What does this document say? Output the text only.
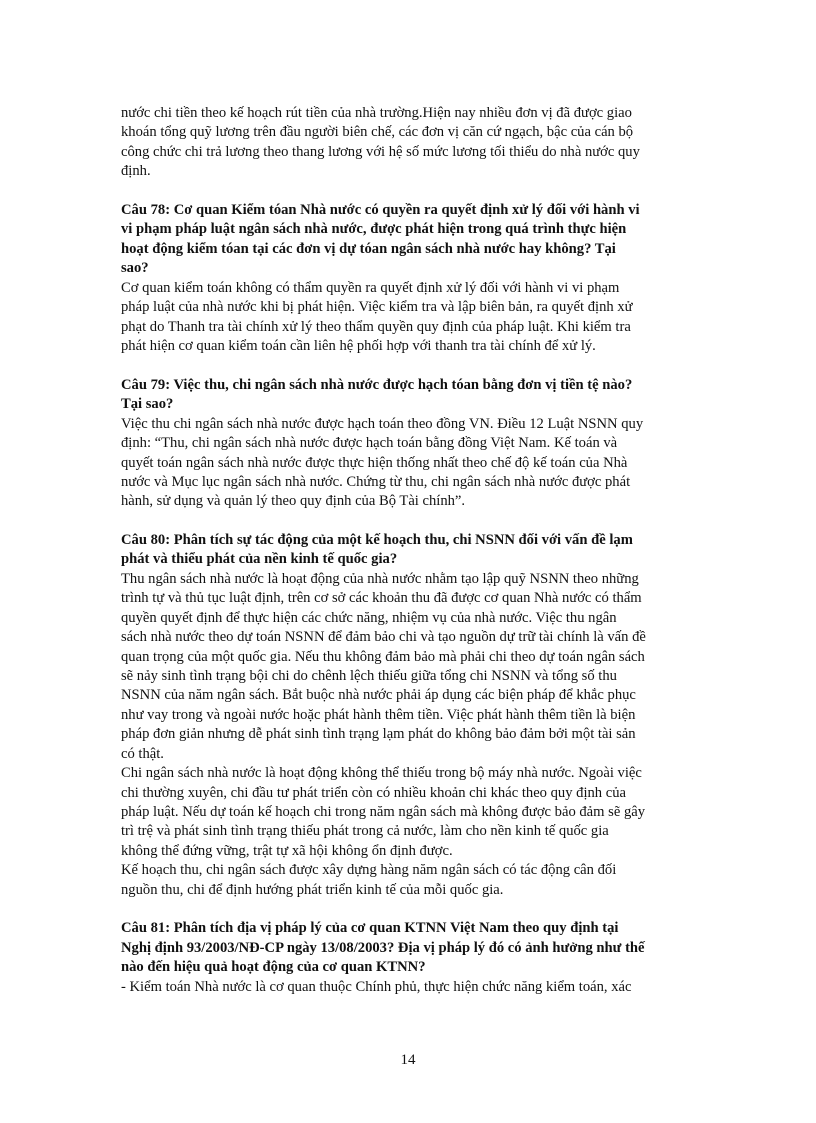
nước chi tiền theo kế hoạch rút tiền của nhà trường.Hiện nay nhiều đơn vị đã được giao
khoán tổng quỹ lương trên đầu người biên chế, các đơn vị căn cứ ngạch, bậc của cán bộ
công chức chi trả lương theo thang lương với hệ số mức lương tối thiểu do nhà nước quy
định.
Câu 78: Cơ quan Kiểm tóan Nhà nước có quyền ra quyết định xử lý đối với hành vi
vi phạm pháp luật ngân sách nhà nước, được phát hiện trong quá trình thực hiện
hoạt động kiểm tóan tại các đơn vị dự tóan ngân sách nhà nước hay không? Tại
sao?
Cơ quan kiểm toán không có thẩm quyền ra quyết định xử lý đối với hành vi vi phạm
pháp luật của nhà nước khi bị phát hiện. Việc kiểm tra và lập biên bản, ra quyết định xử
phạt do Thanh tra tài chính xử lý theo thẩm quyền quy định của pháp luật. Khi kiểm tra
phát hiện cơ quan kiểm toán cần liên hệ phối hợp với thanh tra tài chính để xử lý.
Câu 79: Việc thu, chi ngân sách nhà nước được hạch tóan bằng đơn vị tiền tệ nào?
Tại sao?
Việc thu chi ngân sách nhà nước được hạch toán theo đồng VN. Điều 12 Luật NSNN quy
định: “Thu, chi ngân sách nhà nước được hạch toán bằng đồng Việt Nam. Kế toán và
quyết toán ngân sách nhà nước được thực hiện thống nhất theo chế độ kế toán của Nhà
nước và Mục lục ngân sách nhà nước. Chứng từ thu, chi ngân sách nhà nước được phát
hành, sử dụng và quản lý theo quy định của Bộ Tài chính”.
Câu 80: Phân tích sự tác động của một kế hoạch thu, chi NSNN đối với vấn đề lạm
phát và thiểu phát của nền kinh tế quốc gia?
Thu ngân sách nhà nước là hoạt động của nhà nước nhằm tạo lập quỹ NSNN theo những
trình tự và thủ tục luật định, trên cơ sở các khoản thu đã được cơ quan Nhà nước có thẩm
quyền quyết định để thực hiện các chức năng, nhiệm vụ của nhà nước. Việc thu ngân
sách nhà nước theo dự toán NSNN để đảm bảo chi và tạo nguồn dự trữ tài chính là vấn đề
quan trọng của một quốc gia. Nếu thu không đảm bảo mà phải chi theo dự toán ngân sách
sẽ nảy sinh tình trạng bội chi do chênh lệch thiếu giữa tổng chi NSNN và tổng số thu
NSNN của năm ngân sách. Bắt buộc nhà nước phải áp dụng các biện pháp để khắc phục
như vay trong và ngoài nước hoặc phát hành thêm tiền. Việc phát hành thêm tiền là biện
pháp đơn giản nhưng dễ phát sinh tình trạng lạm phát do không bảo đảm bởi một tài sản
có thật.
Chi ngân sách nhà nước là hoạt động không thể thiếu trong bộ máy nhà nước. Ngoài việc
chi thường xuyên, chi đầu tư phát triển còn có nhiều khoản chi khác theo quy định của
pháp luật. Nếu dự toán kế hoạch chi trong năm ngân sách mà không được bảo đảm sẽ gây
trì trệ và phát sinh tình trạng thiếu phát trong cả nước, làm cho nền kinh tế quốc gia
không thể đứng vững, trật tự xã hội không ổn định được.
Kế hoạch thu, chi ngân sách được xây dựng hàng năm ngân sách có tác động cân đối
nguồn thu, chi để định hướng phát triển kinh tế của mỗi quốc gia.
Câu 81: Phân tích địa vị pháp lý của cơ quan KTNN Việt Nam theo quy định tại
Nghị định 93/2003/NĐ-CP ngày 13/08/2003? Địa vị pháp lý đó có ảnh hưởng như thế
nào đến hiệu quả hoạt động của cơ quan KTNN?
- Kiểm toán Nhà nước là cơ quan thuộc Chính phủ, thực hiện chức năng kiểm toán, xác
14
